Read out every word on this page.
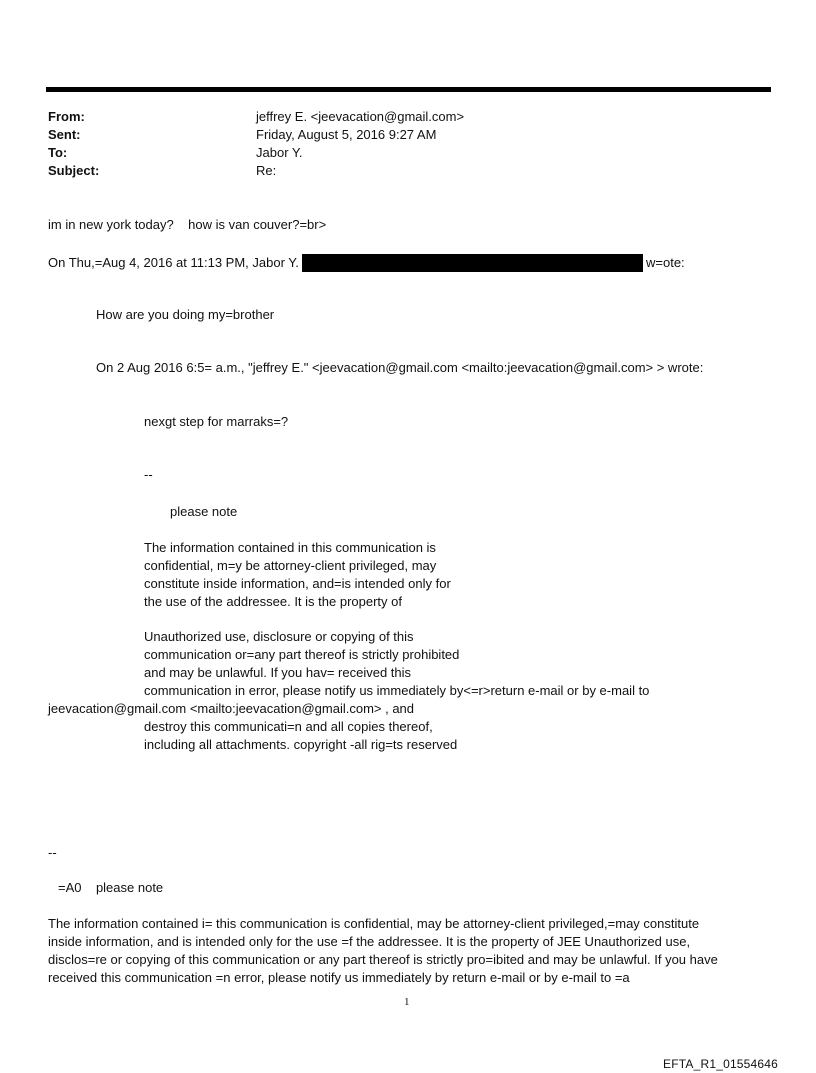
From:	jeffrey E. <jeevacation@gmail.com>
Sent:	Friday, August 5, 2016 9:27 AM
To:	Jabor Y.
Subject:	Re:
im in new york today?    how is van couver?=br>
On Thu,=Aug 4, 2016 at 11:13 PM, Jabor Y.	w=ote:
How are you doing my=brother
On 2 Aug 2016 6:5= a.m., "jeffrey E." <jeevacation@gmail.com <mailto:jeevacation@gmail.com> > wrote:
nexgt step for marraks=?
--
please note
The information contained in this communication is
confidential, m=y be attorney-client privileged, may
constitute inside information, and=is intended only for
the use of the addressee. It is the property of
Unauthorized use, disclosure or copying of this
communication or=any part thereof is strictly prohibited
and may be unlawful. If you hav= received this
communication in error, please notify us immediately by<=r>return e-mail or by e-mail to
jeevacation@gmail.com <mailto:jeevacation@gmail.com> , and
destroy this communicati=n and all copies thereof,
including all attachments. copyright -all rig=ts reserved
--
=A0    please note
The information contained i= this communication is confidential, may be attorney-client privileged,=may constitute
inside information, and is intended only for the use =f the addressee. It is the property of JEE Unauthorized use,
disclos=re or copying of this communication or any part thereof is strictly pro=ibited and may be unlawful. If you have
received this communication =n error, please notify us immediately by return e-mail or by e-mail to =a
1
EFTA_R1_01554646
